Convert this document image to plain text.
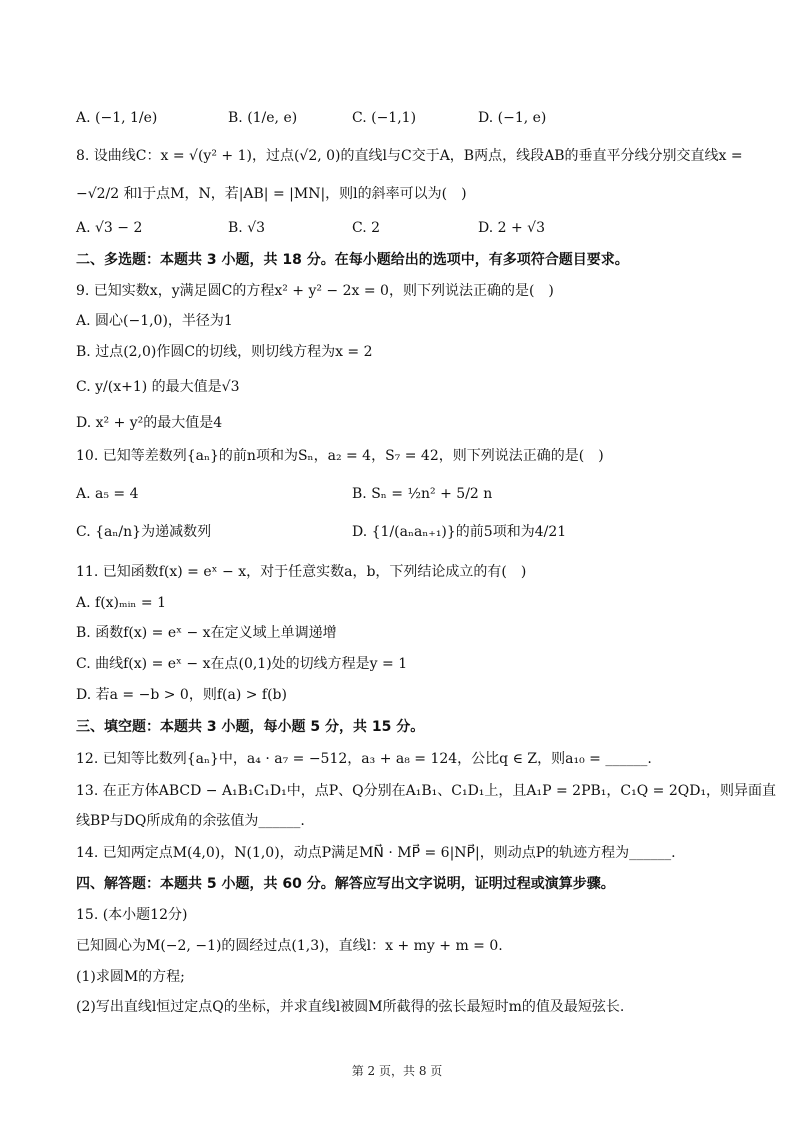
A. (−1, 1/e)	B. (1/e, e)	C. (−1,1)	D. (−1, e)
8. 设曲线C：x = √(y² + 1)，过点(√2, 0)的直线l与C交于A，B两点，线段AB的垂直平分线分别交直线x =
−√2/2 和l于点M，N，若|AB| = |MN|，则l的斜率可以为(　)
A. √3 − 2	B. √3	C. 2	D. 2 + √3
二、多选题：本题共 3 小题，共 18 分。在每小题给出的选项中，有多项符合题目要求。
9. 已知实数x，y满足圆C的方程x² + y² − 2x = 0，则下列说法正确的是(　)
A. 圆心(−1,0)，半径为1
B. 过点(2,0)作圆C的切线，则切线方程为x = 2
C. y/(x+1) 的最大值是√3
D. x² + y²的最大值是4
10. 已知等差数列{aₙ}的前n项和为Sₙ，a₂ = 4，S₇ = 42，则下列说法正确的是(　)
A. a₅ = 4	B. Sₙ = ½n² + 5/2 n
C. {aₙ/n}为递减数列	D. {1/(aₙaₙ₊₁)}的前5项和为4/21
11. 已知函数f(x) = eˣ − x，对于任意实数a，b，下列结论成立的有(　)
A. f(x)ₘᵢₙ = 1
B. 函数f(x) = eˣ − x在定义域上单调递增
C. 曲线f(x) = eˣ − x在点(0,1)处的切线方程是y = 1
D. 若a = −b > 0，则f(a) > f(b)
三、填空题：本题共 3 小题，每小题 5 分，共 15 分。
12. 已知等比数列{aₙ}中，a₄ · a₇ = −512，a₃ + a₈ = 124，公比q ∈ Z，则a₁₀ = ______.
13. 在正方体ABCD − A₁B₁C₁D₁中，点P、Q分别在A₁B₁、C₁D₁上，且A₁P = 2PB₁，C₁Q = 2QD₁，则异面直
线BP与DQ所成角的余弦值为______.
14. 已知两定点M(4,0)，N(1,0)，动点P满足MN⃗ · MP⃗ = 6|NP⃗|，则动点P的轨迹方程为______.
四、解答题：本题共 5 小题，共 60 分。解答应写出文字说明，证明过程或演算步骤。
15. (本小题12分)
已知圆心为M(−2, −1)的圆经过点(1,3)，直线l：x + my + m = 0.
(1)求圆M的方程;
(2)写出直线l恒过定点Q的坐标，并求直线l被圆M所截得的弦长最短时m的值及最短弦长.
第 2 页，共 8 页
